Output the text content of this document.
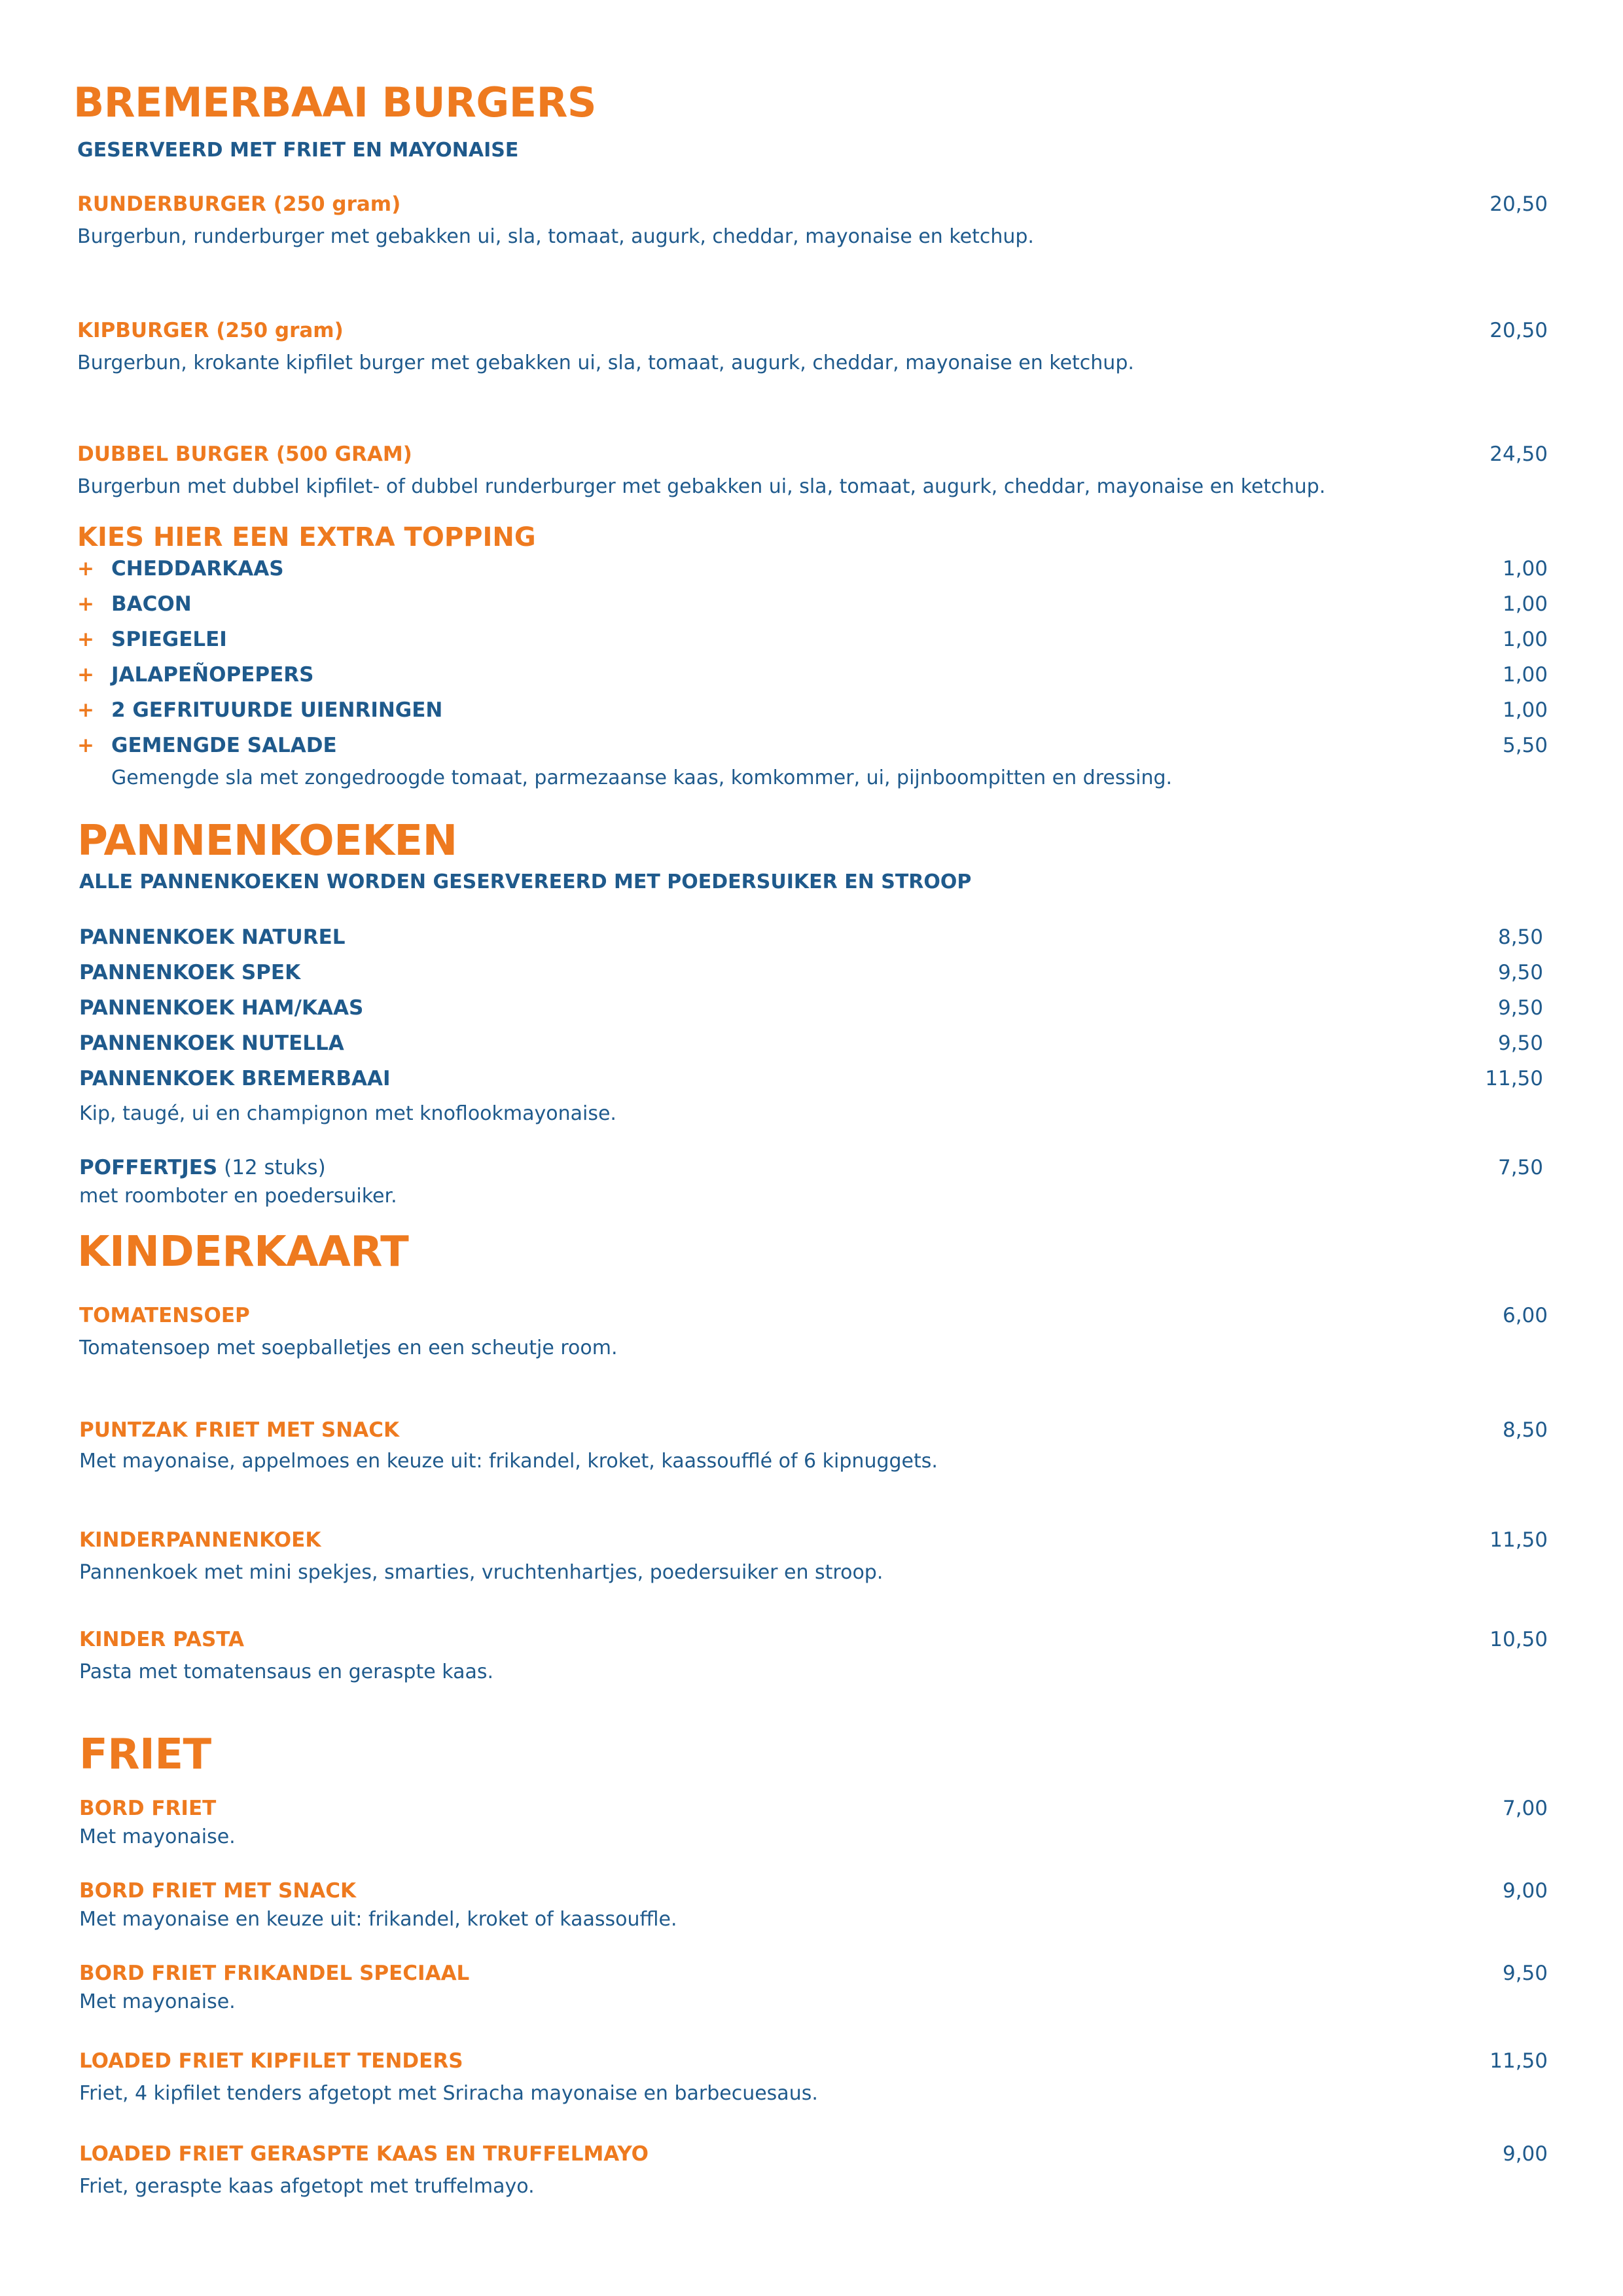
BREMERBAAI BURGERS
GESERVEERD MET FRIET EN MAYONAISE
RUNDERBURGER (250 gram)	20,50
Burgerbun, runderburger met gebakken ui, sla, tomaat, augurk, cheddar, mayonaise en ketchup.
KIPBURGER (250 gram)	20,50
Burgerbun, krokante kipfilet burger met gebakken ui, sla, tomaat, augurk, cheddar, mayonaise en ketchup.
DUBBEL BURGER (500 GRAM)	24,50
Burgerbun met dubbel kipfilet- of dubbel runderburger met gebakken ui, sla, tomaat, augurk, cheddar, mayonaise en ketchup.
KIES HIER EEN EXTRA TOPPING
+ CHEDDARKAAS	1,00
+ BACON	1,00
+ SPIEGELEI	1,00
+ JALAPEÑOPEPERS	1,00
+ 2 GEFRITUURDE UIENRINGEN	1,00
+ GEMENGDE SALADE	5,50
Gemengde sla met zongedroogde tomaat, parmezaanse kaas, komkommer, ui, pijnboompitten en dressing.
PANNENKOEKEN
ALLE PANNENKOEKEN WORDEN GESERVEREERD MET POEDERSUIKER EN STROOP
PANNENKOEK NATUREL	8,50
PANNENKOEK SPEK	9,50
PANNENKOEK HAM/KAAS	9,50
PANNENKOEK NUTELLA	9,50
PANNENKOEK BREMERBAAI	11,50
Kip, taugé, ui en champignon met knoflookmayonaise.
POFFERTJES (12 stuks)	7,50
met roomboter en poedersuiker.
KINDERKAART
TOMATENSOEP	6,00
Tomatensoep met soepballetjes en een scheutje room.
PUNTZAK FRIET MET SNACK	8,50
Met mayonaise, appelmoes en keuze uit: frikandel, kroket, kaassoufflé of 6 kipnuggets.
KINDERPANNENKOEK	11,50
Pannenkoek met mini spekjes, smarties, vruchtenhartjes, poedersuiker en stroop.
KINDER PASTA	10,50
Pasta met tomatensaus en geraspte kaas.
FRIET
BORD FRIET	7,00
Met mayonaise.
BORD FRIET MET SNACK	9,00
Met mayonaise en keuze uit: frikandel, kroket of kaassouffle.
BORD FRIET FRIKANDEL SPECIAAL	9,50
Met mayonaise.
LOADED FRIET KIPFILET TENDERS	11,50
Friet, 4 kipfilet tenders afgetopt met Sriracha mayonaise en barbecuesaus.
LOADED FRIET GERASPTE KAAS EN TRUFFELMAYO	9,00
Friet, geraspte kaas afgetopt met truffelmayo.
